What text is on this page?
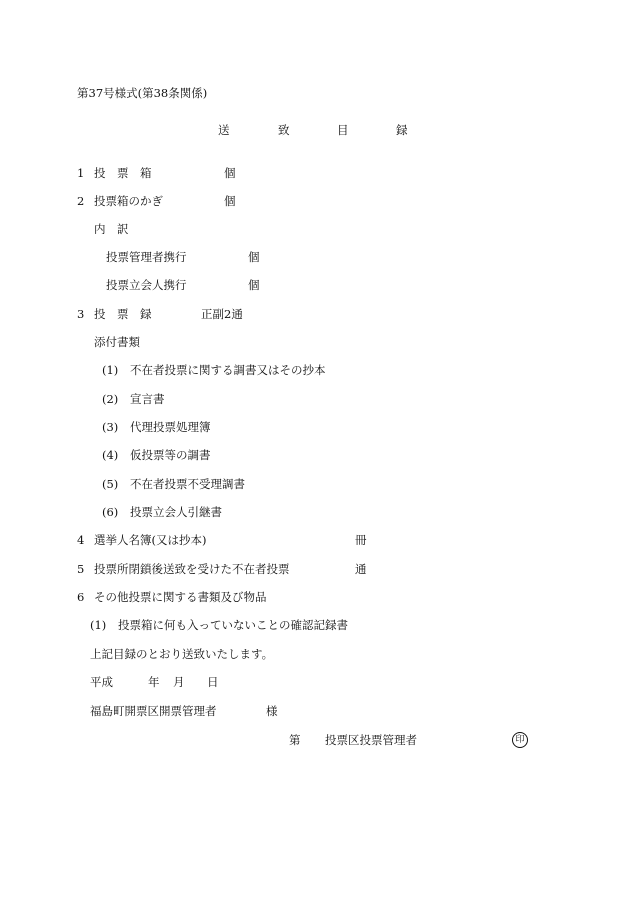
第37号様式(第38条関係)
送	致	目	録
1 投　票　箱	個
2 投票箱のかぎ	個
内　訳
投票管理者携行	個
投票立会人携行	個
3 投　票　録	正副2通
添付書類
(1) 不在者投票に関する調書又はその抄本
(2) 宣言書
(3) 代理投票処理簿
(4) 仮投票等の調書
(5) 不在者投票不受理調書
(6) 投票立会人引継書
4 選挙人名簿(又は抄本)	冊
5 投票所閉鎖後送致を受けた不在者投票	通
6 その他投票に関する書類及び物品
(1) 投票箱に何も入っていないことの確認記録書
上記目録のとおり送致いたします。
平成	年 月 日
福島町開票区開票管理者	様
第 投票区投票管理者	印
